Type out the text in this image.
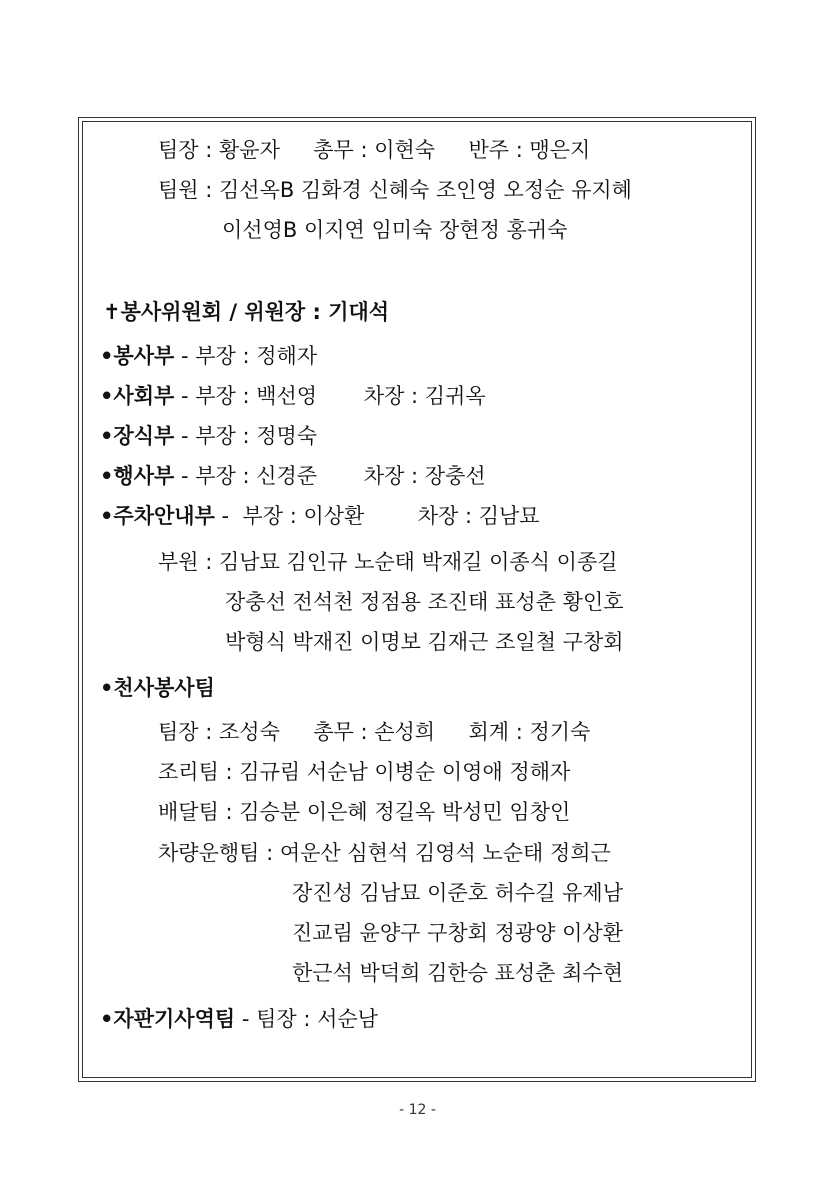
팀장 : 황윤자     총무 : 이현숙     반주 : 맹은지
팀원 : 김선옥B 김화경 신혜숙 조인영 오정순 유지혜
이선영B 이지연 임미숙 장현정 홍귀숙
✝봉사위원회 / 위원장 : 기대석
•봉사부 - 부장 : 정해자
•사회부 - 부장 : 백선영       차장 : 김귀옥
•장식부 - 부장 : 정명숙
•행사부 - 부장 : 신경준       차장 : 장충선
•주차안내부 -  부장 : 이상환        차장 : 김남묘
부원 : 김남묘 김인규 노순태 박재길 이종식 이종길
장충선 전석천 정점용 조진태 표성춘 황인호
박형식 박재진 이명보 김재근 조일철 구창회
•천사봉사팀
팀장 : 조성숙     총무 : 손성희     회계 : 정기숙
조리팀 : 김규림 서순남 이병순 이영애 정해자
배달팀 : 김승분 이은혜 정길옥 박성민 임창인
차량운행팀 : 여운산 심현석 김영석 노순태 정희근
장진성 김남묘 이준호 허수길 유제남
진교림 윤양구 구창회 정광양 이상환
한근석 박덕희 김한승 표성춘 최수현
•자판기사역팀 - 팀장 : 서순남
- 12 -
